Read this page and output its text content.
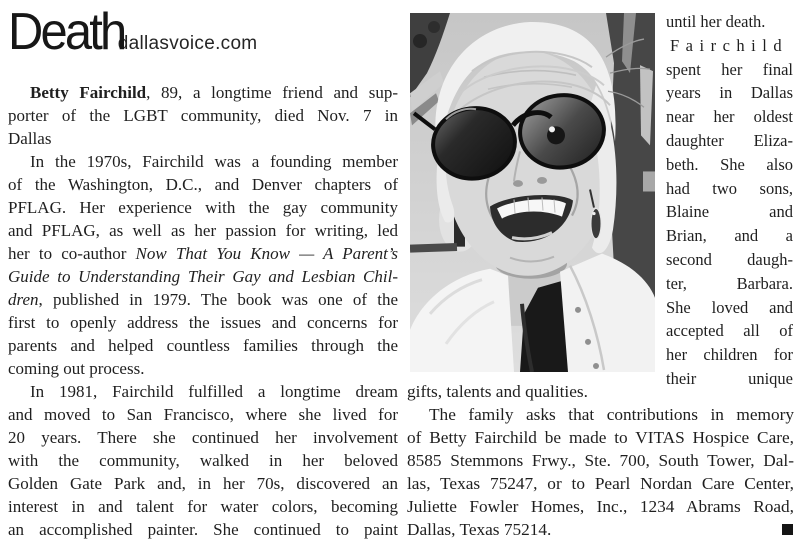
Death
dallasvoice.com
Betty Fairchild, 89, a longtime friend and sup-
porter of the LGBT community, died Nov. 7 in
Dallas
In the 1970s, Fairchild was a founding member
of the Washington, D.C., and Denver chapters of
PFLAG. Her experience with the gay community
and PFLAG, as well as her passion for writing, led
her to co-author Now That You Know — A Parent’s
Guide to Understanding Their Gay and Lesbian Chil-
dren, published in 1979. The book was one of the
first to openly address the issues and concerns for
parents and helped countless families through the
coming out process.
In 1981, Fairchild fulfilled a longtime dream
and moved to San Francisco, where she lived for
20 years. There she continued her involvement
with the community, walked in her beloved
Golden Gate Park and, in her 70s, discovered an
interest in and talent for water colors, becoming
an accomplished painter. She continued to paint
until her death.
Fairchild
spent her final
years in Dallas
near her oldest
daughter Eliza-
beth. She also
had two sons,
Blaine and
Brian, and a
second daugh-
ter, Barbara.
She loved and
accepted all of
her children for
their unique
gifts, talents and qualities.
The family asks that contributions in memory
of Betty Fairchild be made to VITAS Hospice Care,
8585 Stemmons Frwy., Ste. 700, South Tower, Dal-
las, Texas 75247, or to Pearl Nordan Care Center,
Juliette Fowler Homes, Inc., 1234 Abrams Road,
Dallas, Texas 75214.
